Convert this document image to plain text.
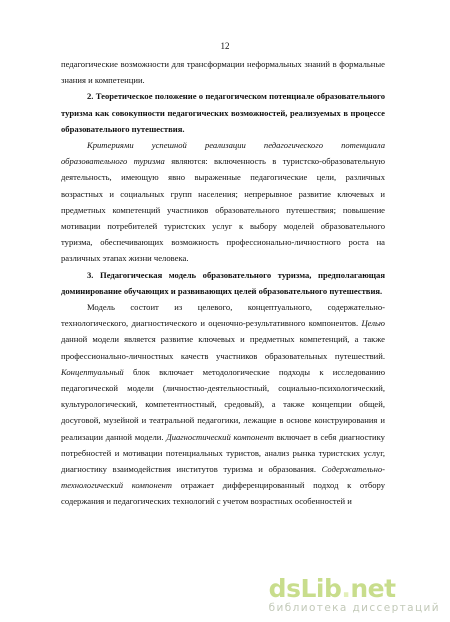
12

педагогические возможности для трансформации неформальных знаний в формальные знания и компетенции.

2. Теоретическое положение о педагогическом потенциале образовательного туризма как совокупности педагогических возможностей, реализуемых в процессе образовательного путешествия.

Критериями успешной реализации педагогического потенциала образовательного туризма являются: включенность в туристско-образовательную деятельность, имеющую явно выраженные педагогические цели, различных возрастных и социальных групп населения; непрерывное развитие ключевых и предметных компетенций участников образовательного путешествия; повышение мотивации потребителей туристских услуг к выбору моделей образовательного туризма, обеспечивающих возможность профессионально-личностного роста на различных этапах жизни человека.

3. Педагогическая модель образовательного туризма, предполагающая доминирование обучающих и развивающих целей образовательного путешествия.

Модель состоит из целевого, концептуального, содержательно-технологического, диагностического и оценочно-результативного компонентов. Целью данной модели является развитие ключевых и предметных компетенций, а также профессионально-личностных качеств участников образовательных путешествий. Концептуальный блок включает методологические подходы к исследованию педагогической модели (личностно-деятельностный, социально-психологический, культурологический, компетентностный, средовый), а также концепции общей, досуговой, музейной и театральной педагогики, лежащие в основе конструирования и реализации данной модели. Диагностический компонент включает в себя диагностику потребностей и мотивации потенциальных туристов, анализ рынка туристских услуг, диагностику взаимодействия институтов туризма и образования. Содержательно-технологический компонент отражает дифференцированный подход к отбору содержания и педагогических технологий с учетом возрастных особенностей и

dsLib.net
библиотека диссертаций
